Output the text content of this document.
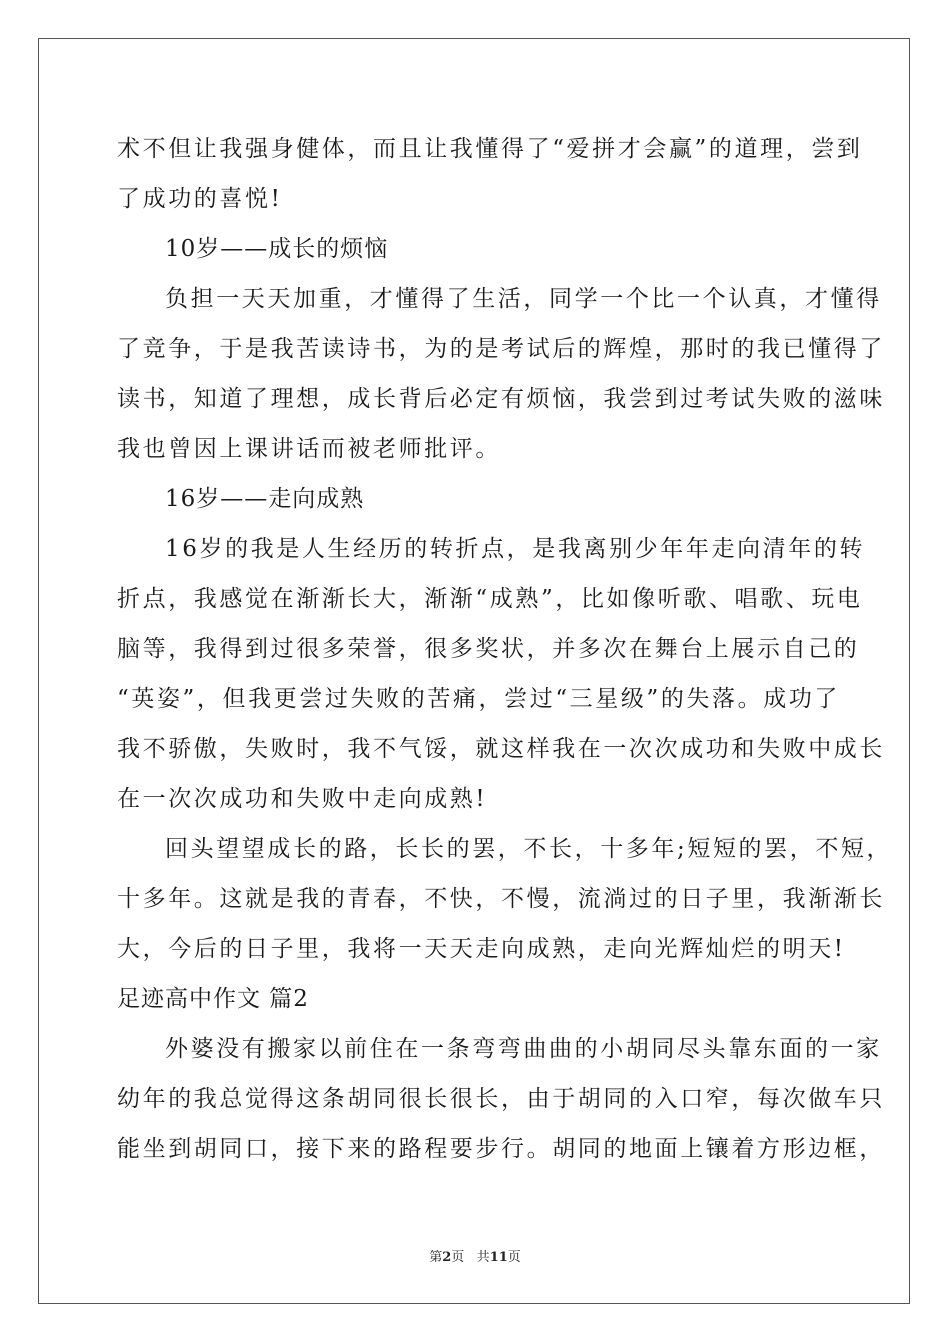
术不但让我强身健体，而且让我懂得了“爱拼才会赢”的道理，尝到
了成功的喜悦!
10岁——成长的烦恼
负担一天天加重，才懂得了生活，同学一个比一个认真，才懂得
了竞争，于是我苦读诗书，为的是考试后的辉煌，那时的我已懂得了
读书，知道了理想，成长背后必定有烦恼，我尝到过考试失败的滋味
我也曾因上课讲话而被老师批评。
16岁——走向成熟
16岁的我是人生经历的转折点，是我离别少年年走向清年的转
折点，我感觉在渐渐长大，渐渐“成熟”，比如像听歌、唱歌、玩电
脑等，我得到过很多荣誉，很多奖状，并多次在舞台上展示自己的
“英姿”，但我更尝过失败的苦痛，尝过“三星级”的失落。成功了
我不骄傲，失败时，我不气馁，就这样我在一次次成功和失败中成长
在一次次成功和失败中走向成熟!
回头望望成长的路，长长的罢，不长，十多年;短短的罢，不短，
十多年。这就是我的青春，不快，不慢，流淌过的日子里，我渐渐长
大，今后的日子里，我将一天天走向成熟，走向光辉灿烂的明天!
足迹高中作文 篇2
外婆没有搬家以前住在一条弯弯曲曲的小胡同尽头靠东面的一家
幼年的我总觉得这条胡同很长很长，由于胡同的入口窄，每次做车只
能坐到胡同口，接下来的路程要步行。胡同的地面上镶着方形边框，
第2页 共11页
